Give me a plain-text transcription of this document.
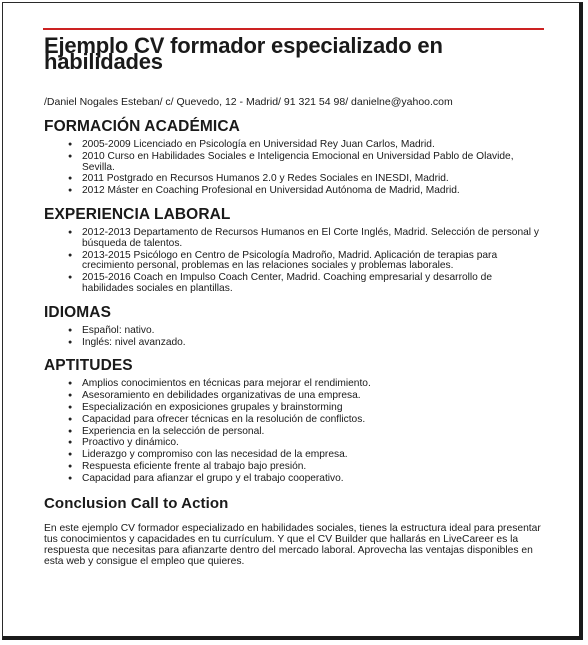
Ejemplo CV formador especializado en habilidades
/Daniel Nogales Esteban/ c/ Quevedo, 12 - Madrid/ 91 321 54 98/ danielne@yahoo.com
FORMACIÓN ACADÉMICA
● 2005-2009 Licenciado en Psicología en Universidad Rey Juan Carlos, Madrid.
● 2010 Curso en Habilidades Sociales e Inteligencia Emocional en Universidad Pablo de Olavide, Sevilla.
● 2011 Postgrado en Recursos Humanos 2.0 y Redes Sociales en INESDI, Madrid.
● 2012 Máster en Coaching Profesional en Universidad Autónoma de Madrid, Madrid.
EXPERIENCIA LABORAL
● 2012-2013 Departamento de Recursos Humanos en El Corte Inglés, Madrid. Selección de personal y búsqueda de talentos.
● 2013-2015 Psicólogo en Centro de Psicología Madroño, Madrid. Aplicación de terapias para crecimiento personal, problemas en las relaciones sociales y problemas laborales.
● 2015-2016 Coach en Impulso Coach Center, Madrid. Coaching empresarial y desarrollo de habilidades sociales en plantillas.
IDIOMAS
● Español: nativo.
● Inglés: nivel avanzado.
APTITUDES
● Amplios conocimientos en técnicas para mejorar el rendimiento.
● Asesoramiento en debilidades organizativas de una empresa.
● Especialización en exposiciones grupales y brainstorming
● Capacidad para ofrecer técnicas en la resolución de conflictos.
● Experiencia en la selección de personal.
● Proactivo y dinámico.
● Liderazgo y compromiso con las necesidad de la empresa.
● Respuesta eficiente frente al trabajo bajo presión.
● Capacidad para afianzar el grupo y el trabajo cooperativo.
Conclusion Call to Action

En este ejemplo CV formador especializado en habilidades sociales, tienes la estructura ideal para presentar tus conocimientos y capacidades en tu currículum. Y que el CV Builder que hallarás en LiveCareer es la respuesta que necesitas para afianzarte dentro del mercado laboral. Aprovecha las ventajas disponibles en esta web y consigue el empleo que quieres.
